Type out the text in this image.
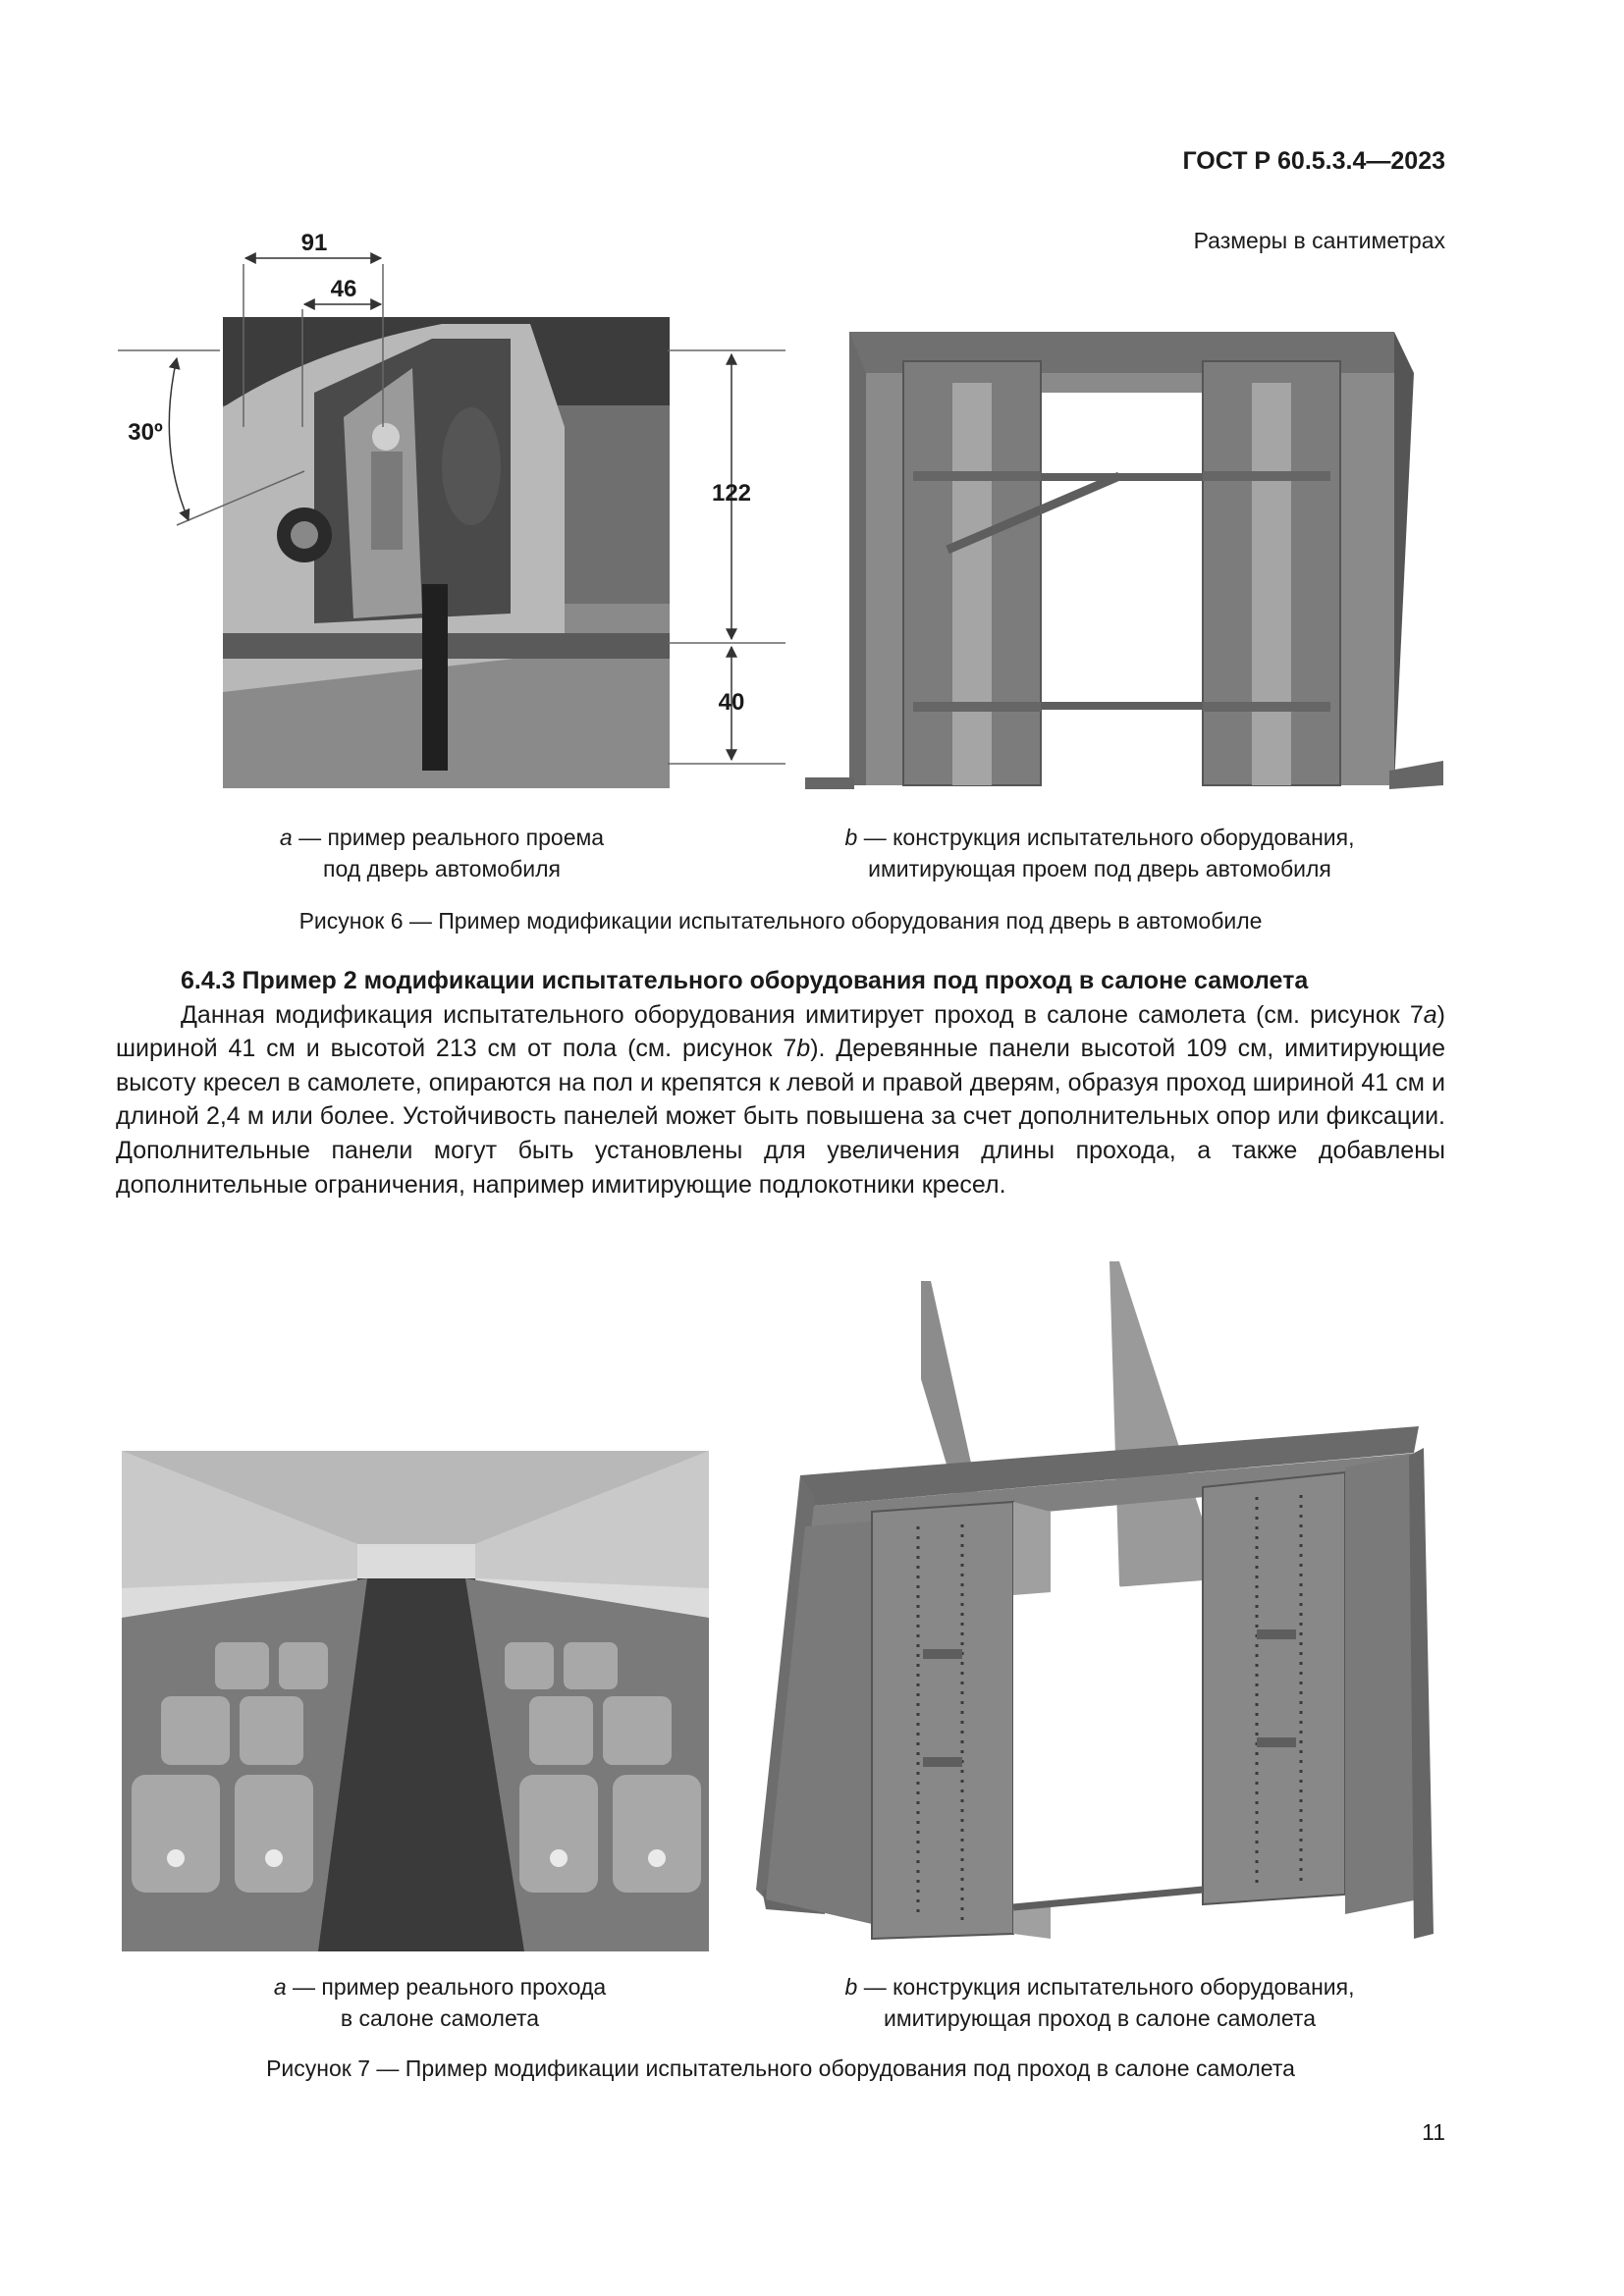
ГОСТ Р 60.5.3.4—2023
Размеры в сантиметрах
91
46
30º
122
40
a — пример реального проема
под дверь автомобиля
b — конструкция испытательного оборудования,
имитирующая проем под дверь автомобиля
Рисунок 6 — Пример модификации испытательного оборудования под дверь в автомобиле

6.4.3 Пример 2 модификации испытательного оборудования под проход в салоне самолета

Данная модификация испытательного оборудования имитирует проход в салоне самолета (см. рисунок 7a) шириной 41 см и высотой 213 см от пола (см. рисунок 7b). Деревянные панели высотой 109 см, имитирующие высоту кресел в самолете, опираются на пол и крепятся к левой и правой дверям, образуя проход шириной 41 см и длиной 2,4 м или более. Устойчивость панелей может быть повышена за счет дополнительных опор или фиксации. Дополнительные панели могут быть установлены для увеличения длины прохода, а также добавлены дополнительные ограничения, например имитирующие подлокотники кресел.

a — пример реального прохода
в салоне самолета
b — конструкция испытательного оборудования,
имитирующая проход в салоне самолета
Рисунок 7 — Пример модификации испытательного оборудования под проход в салоне самолета
11
